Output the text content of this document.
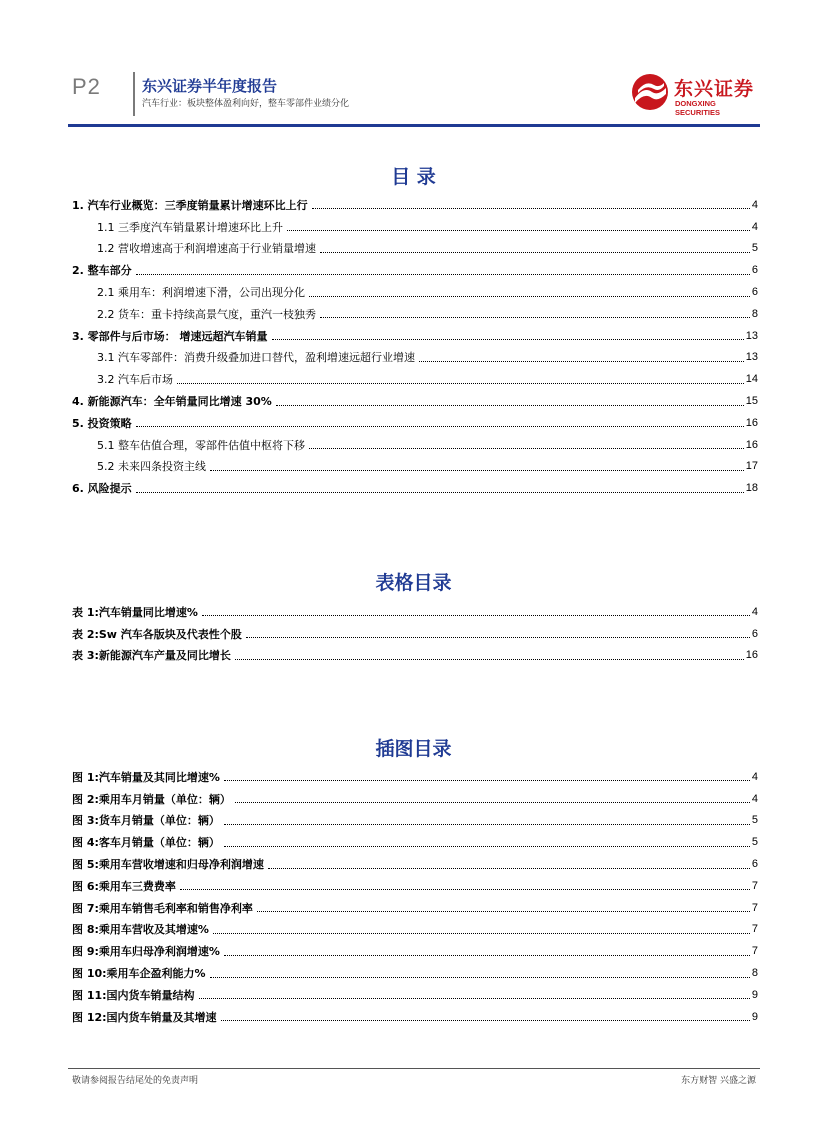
P2	东兴证券半年度报告
汽车行业：板块整体盈利向好，整车零部件业绩分化
东兴证券
DONGXING SECURITIES
目 录
1. 汽车行业概览：三季度销量累计增速环比上行	4
1.1 三季度汽车销量累计增速环比上升	4
1.2 营收增速高于利润增速高于行业销量增速	5
2. 整车部分	6
2.1 乘用车：利润增速下滑，公司出现分化	6
2.2 货车：重卡持续高景气度，重汽一枝独秀	8
3. 零部件与后市场： 增速远超汽车销量	13
3.1 汽车零部件：消费升级叠加进口替代，盈利增速远超行业增速	13
3.2 汽车后市场	14
4. 新能源汽车：全年销量同比增速 30%	15
5. 投资策略	16
5.1 整车估值合理，零部件估值中枢将下移	16
5.2 未来四条投资主线	17
6. 风险提示	18
表格目录
表 1:汽车销量同比增速%	4
表 2:Sw 汽车各版块及代表性个股	6
表 3:新能源汽车产量及同比增长	16
插图目录
图 1:汽车销量及其同比增速%	4
图 2:乘用车月销量（单位：辆）	4
图 3:货车月销量（单位：辆）	5
图 4:客车月销量（单位：辆）	5
图 5:乘用车营收增速和归母净利润增速	6
图 6:乘用车三费费率	7
图 7:乘用车销售毛利率和销售净利率	7
图 8:乘用车营收及其增速%	7
图 9:乘用车归母净利润增速%	7
图 10:乘用车企盈利能力%	8
图 11:国内货车销量结构	9
图 12:国内货车销量及其增速	9
敬请参阅报告结尾处的免责声明	东方财智 兴盛之源
